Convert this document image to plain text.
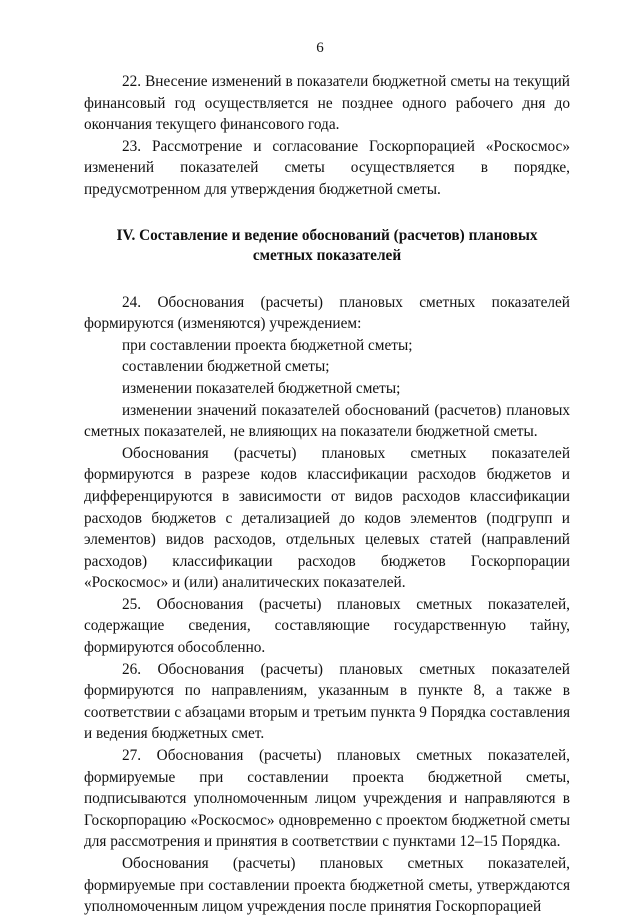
6

22. Внесение изменений в показатели бюджетной сметы на текущий финансовый год осуществляется не позднее одного рабочего дня до окончания текущего финансового года.

23. Рассмотрение и согласование Госкорпорацией «Роскосмос» изменений показателей сметы осуществляется в порядке, предусмотренном для утверждения бюджетной сметы.

IV. Составление и ведение обоснований (расчетов) плановых сметных показателей

24. Обоснования (расчеты) плановых сметных показателей формируются (изменяются) учреждением:

при составлении проекта бюджетной сметы;

составлении бюджетной сметы;

изменении показателей бюджетной сметы;

изменении значений показателей обоснований (расчетов) плановых сметных показателей, не влияющих на показатели бюджетной сметы.

Обоснования (расчеты) плановых сметных показателей формируются в разрезе кодов классификации расходов бюджетов и дифференцируются в зависимости от видов расходов классификации расходов бюджетов с детализацией до кодов элементов (подгрупп и элементов) видов расходов, отдельных целевых статей (направлений расходов) классификации расходов бюджетов Госкорпорации «Роскосмос» и (или) аналитических показателей.

25. Обоснования (расчеты) плановых сметных показателей, содержащие сведения, составляющие государственную тайну, формируются обособленно.

26. Обоснования (расчеты) плановых сметных показателей формируются по направлениям, указанным в пункте 8, а также в соответствии с абзацами вторым и третьим пункта 9 Порядка составления и ведения бюджетных смет.

27. Обоснования (расчеты) плановых сметных показателей, формируемые при составлении проекта бюджетной сметы, подписываются уполномоченным лицом учреждения и направляются в Госкорпорацию «Роскосмос» одновременно с проектом бюджетной сметы для рассмотрения и принятия в соответствии с пунктами 12–15 Порядка.

Обоснования (расчеты) плановых сметных показателей, формируемые при составлении проекта бюджетной сметы, утверждаются уполномоченным лицом учреждения после принятия Госкорпорацией
